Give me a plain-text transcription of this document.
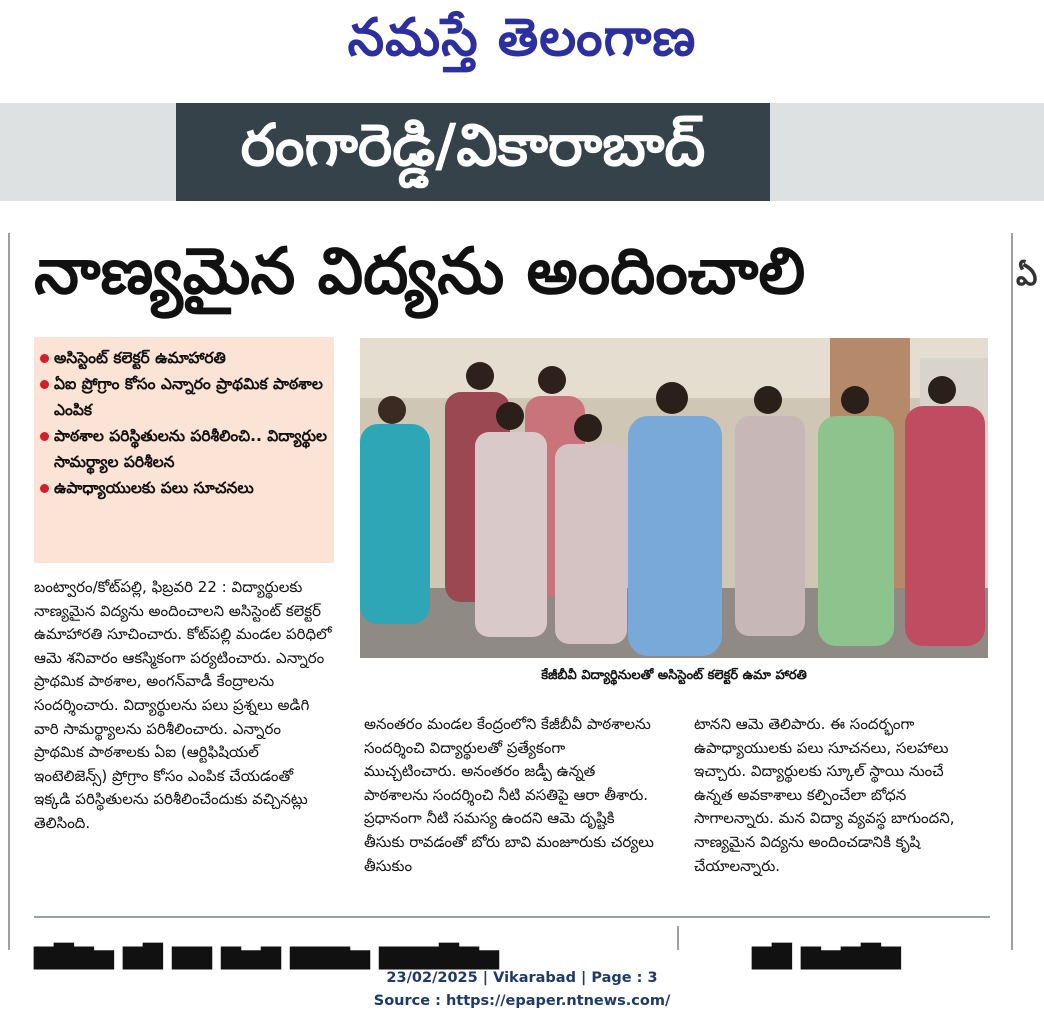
నమస్తే తెలంగాణ
రంగారెడ్డి/వికారాబాద్
నాణ్యమైన విద్యను అందించాలి	ఏ
అసిస్టెంట్ కలెక్టర్ ఉమాహారతి
ఏఐ ప్రోగ్రాం కోసం ఎన్నారం ప్రాథమిక పాఠశాల ఎంపిక
పాఠశాల పరిస్థితులను పరిశీలించి.. విద్యార్థుల సామర్థ్యాల పరిశీలన
ఉపాధ్యాయులకు పలు సూచనలు
కేజీబీవీ విద్యార్థినులతో అసిస్టెంట్ కలెక్టర్ ఉమా హారతి
బంట్వారం/కోట్‌పల్లి, ఫిబ్రవరి 22 : విద్యార్థులకు నాణ్యమైన విద్యను అందించాలని అసిస్టెంట్ కలెక్టర్ ఉమాహారతి సూచించారు. కోట్‌పల్లి మండల పరిధిలో ఆమె శనివారం ఆకస్మికంగా పర్యటించారు. ఎన్నారం ప్రాథమిక పాఠశాల, అంగన్‌వాడీ కేంద్రాలను సందర్శించారు. విద్యార్థులను పలు ప్రశ్నలు అడిగి వారి సామర్థ్యాలను పరిశీలించారు. ఎన్నారం ప్రాథమిక పాఠశాలకు ఏఐ (ఆర్టిఫిషియల్ ఇంటెలిజెన్స్) ప్రోగ్రాం కోసం ఎంపిక చేయడంతో ఇక్కడి పరిస్థితులను పరిశీలించేందుకు వచ్చినట్లు తెలిసింది.
అనంతరం మండల కేంద్రంలోని కేజీబీవీ పాఠశాలను సందర్శించి విద్యార్థులతో ప్రత్యేకంగా ముచ్చటించారు. అనంతరం జడ్పీ ఉన్నత పాఠశాలను సందర్శించి నీటి వసతిపై ఆరా తీశారు. ప్రధానంగా నీటి సమస్య ఉందని ఆమె దృష్టికి తీసుకు రావడంతో బోరు బావి మంజూరుకు చర్యలు తీసుకుం
టానని ఆమె తెలిపారు. ఈ సందర్భంగా ఉపాధ్యాయులకు పలు సూచనలు, సలహాలు ఇచ్చారు. విద్యార్థులకు స్కూల్ స్థాయి నుంచే ఉన్నత అవకాశాలు కల్పించేలా బోధన సాగాలన్నారు. మన విద్యా వ్యవస్థ బాగుందని, నాణ్యమైన విద్యను అందించడానికి కృషి చేయాలన్నారు.
▆▇▆▅ ▆▇ ▆▆ ▆▅▆ ▆▆▆▅ ▆▆▆▇▆▅	▆▇ ▆▅▆▇▆
23/02/2025 | Vikarabad | Page : 3
Source : https://epaper.ntnews.com/
